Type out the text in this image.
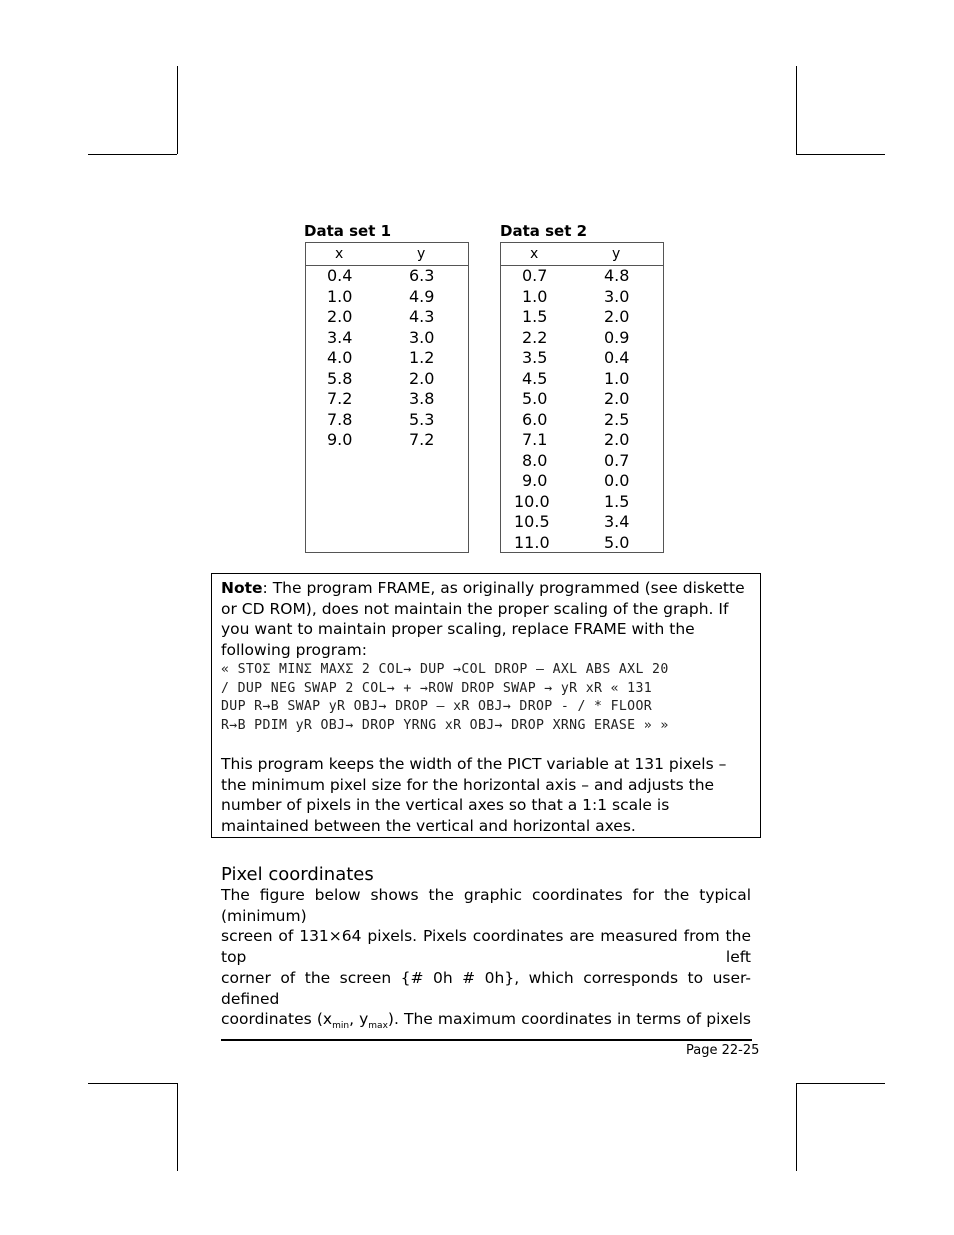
Data set 1
x	y
0.4	6.3
1.0	4.9
2.0	4.3
3.4	3.0
4.0	1.2
5.8	2.0
7.2	3.8
7.8	5.3
9.0	7.2
Data set 2
x	y
0.7	4.8
1.0	3.0
1.5	2.0
2.2	0.9
3.5	0.4
4.5	1.0
5.0	2.0
6.0	2.5
7.1	2.0
8.0	0.7
9.0	0.0
10.0	1.5
10.5	3.4
11.0	5.0
Note: The program FRAME, as originally programmed (see diskette or CD ROM), does not maintain the proper scaling of the graph. If you want to maintain proper scaling, replace FRAME with the following program:
« STOΣ MINΣ MAXΣ 2 COL→ DUP →COL DROP – AXL ABS AXL 20
/ DUP NEG SWAP 2 COL→ + →ROW DROP SWAP → yR xR « 131
DUP R→B SWAP yR OBJ→ DROP – xR OBJ→ DROP - / * FLOOR
R→B PDIM yR OBJ→ DROP YRNG xR OBJ→ DROP XRNG ERASE » »
This program keeps the width of the PICT variable at 131 pixels – the minimum pixel size for the horizontal axis – and adjusts the number of pixels in the vertical axes so that a 1:1 scale is maintained between the vertical and horizontal axes.
Pixel coordinates
The figure below shows the graphic coordinates for the typical (minimum)
screen of 131×64 pixels. Pixels coordinates are measured from the top left
corner of the screen {# 0h # 0h}, which corresponds to user-defined
coordinates ($x_{min}$, $y_{max}$). The maximum coordinates in terms of pixels
Page 22-25
